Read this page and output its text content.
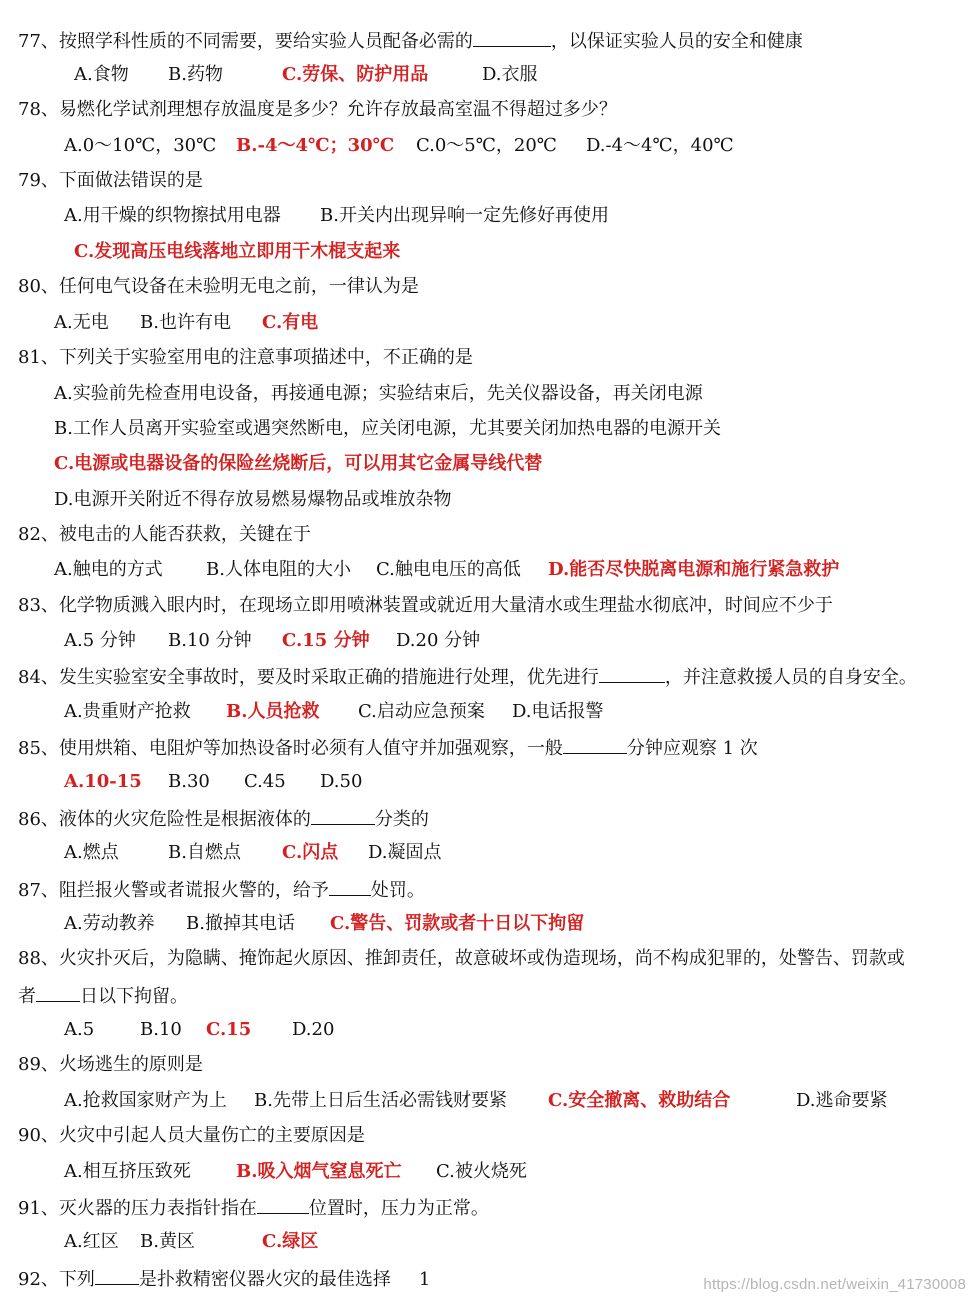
77、按照学科性质的不同需要，要给实验人员配备必需的	，以保证实验人员的安全和健康
A.食物 B.药物	C.劳保、防护用品	D.衣服
78、易燃化学试剂理想存放温度是多少？允许存放最高室温不得超过多少？
A.0～10℃，30℃ B.-4～4℃；30℃ C.0～5℃，20℃ D.-4～4℃，40℃
79、下面做法错误的是
A.用干燥的织物擦拭用电器 B.开关内出现异响一定先修好再使用
C.发现高压电线落地立即用干木棍支起来
80、任何电气设备在未验明无电之前，一律认为是
A.无电 B.也许有电 C.有电
81、下列关于实验室用电的注意事项描述中，不正确的是
A.实验前先检查用电设备，再接通电源；实验结束后，先关仪器设备，再关闭电源
B.工作人员离开实验室或遇突然断电，应关闭电源，尤其要关闭加热电器的电源开关
C.电源或电器设备的保险丝烧断后，可以用其它金属导线代替
D.电源开关附近不得存放易燃易爆物品或堆放杂物
82、被电击的人能否获救，关键在于
A.触电的方式 B.人体电阻的大小 C.触电电压的高低 D.能否尽快脱离电源和施行紧急救护
83、化学物质溅入眼内时，在现场立即用喷淋装置或就近用大量清水或生理盐水彻底冲，时间应不少于
A.5 分钟 B.10 分钟 C.15 分钟 D.20 分钟
84、发生实验室安全事故时，要及时采取正确的措施进行处理，优先进行	，并注意救援人员的自身安全。
A.贵重财产抢救 B.人员抢救 C.启动应急预案 D.电话报警
85、使用烘箱、电阻炉等加热设备时必须有人值守并加强观察，一般	分钟应观察 1 次
A.10-15 B.30 C.45 D.50
86、液体的火灾危险性是根据液体的	分类的
A.燃点	B.自燃点 C.闪点 D.凝固点
87、阻拦报火警或者谎报火警的，给予 处罚。
A.劳动教养 B.撤掉其电话 C.警告、罚款或者十日以下拘留
88、火灾扑灭后，为隐瞒、掩饰起火原因、推卸责任，故意破坏或伪造现场，尚不构成犯罪的，处警告、罚款或
者 日以下拘留。
A.5	B.10 C.15 D.20
89、火场逃生的原则是
A.抢救国家财产为上 B.先带上日后生活必需钱财要紧 C.安全撤离、救助结合	D.逃命要紧
90、火灾中引起人员大量伤亡的主要原因是
A.相互挤压致死	B.吸入烟气窒息死亡 C.被火烧死
91、灭火器的压力表指针指在	位置时，压力为正常。
A.红区 B.黄区	C.绿区
92、下列 是扑救精密仪器火灾的最佳选择 1	https://blog.csdn.net/weixin_41730008
